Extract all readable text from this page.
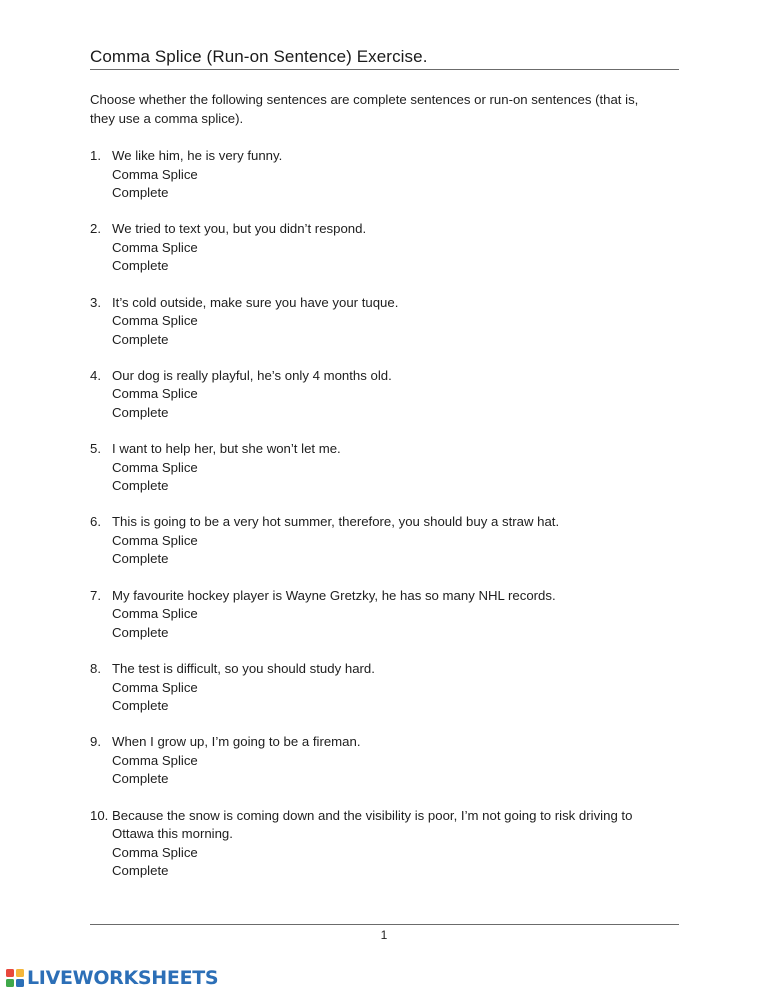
Comma Splice (Run-on Sentence) Exercise.
Choose whether the following sentences are complete sentences or run-on sentences (that is,
they use a comma splice).
1. We like him, he is very funny.
Comma Splice
Complete
2. We tried to text you, but you didn’t respond.
Comma Splice
Complete
3. It’s cold outside, make sure you have your tuque.
Comma Splice
Complete
4. Our dog is really playful, he’s only 4 months old.
Comma Splice
Complete
5. I want to help her, but she won’t let me.
Comma Splice
Complete
6. This is going to be a very hot summer, therefore, you should buy a straw hat.
Comma Splice
Complete
7. My favourite hockey player is Wayne Gretzky, he has so many NHL records.
Comma Splice
Complete
8. The test is difficult, so you should study hard.
Comma Splice
Complete
9. When I grow up, I’m going to be a fireman.
Comma Splice
Complete
10. Because the snow is coming down and the visibility is poor, I’m not going to risk driving to
Ottawa this morning.
Comma Splice
Complete
1
LIVEWORKSHEETS
